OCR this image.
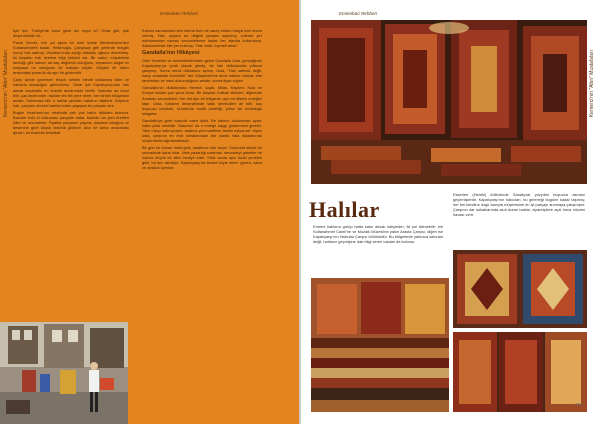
Eminebüri Rehberi
Kemerci'nin "Altın" Mustafaları

İşte için, Türkiye'de bunu göze alır mıyız ki? Onlar gibi, işte düşünülebilir mi...

Pazar Servet, kırk yılı aşkın bir süre içinde Mevlevihane'den Sultanahmet'e kadar, Hekimoğlu, Çarşıkapı gibi yerlerde tezgâh kurup halı satmış, Vezirhanı'nda açtığı dükkânı oğluna devretmiş. İki kuşaktır halı üzerine bilgi birikimi var. Bir satıcı; müşterisini tanıdığı gibi halının da kaç düğümlü olduğunu, boyasının doğal mı kimyasal mı olduğunu bir bakışta söyler. Müşteri ile halıcı arasındaki pazarlık da ayrı bir gösteridir.

Çarşı içinde gezerken birçok turistin elinde katlanmış kilim ve halılarla dolaştığını görürsünüz. Onlar için Kapalıçarşı'dan halı almak seyahatin en önemli anılarından biridir. Satıcılar da bunu bilir, çay ikram eder, halıları tek tek yere serer, her birinin hikâyesini anlatır. Satılmasa bile o halılar yeniden katlanır, istiflenir. Böylece halı, çarşının sürekli hareket eden yaşayan bir parçası olur.

Bugün Vezirhanı'nın etrafında pek çok halıcı dükkânı bulunur. Bazıları eski el dokuması parçalar satar, bazıları da yeni üretilen kilim ve seccadeler. Fiyatlar parçanın yaşına, dokuma sıklığına ve desenine göre büyük farklılık gösterir. Alıcı ile satıcı arasındaki güven, bu ticaretin temelidir.

Kanuni zamanında hem ulema hem de saray erkânı halıya özel önem vermiş. Halı, çeyizin en değerli parçası sayılmış; evlerde yer sofralarından namaz seccadelerine kadar her alanda kullanılmış. Atasözlerinde bile yer bulmuş: "Halı eskir, kıymeti artar."

Gandalla'nın Hikâyesi

Göle Yemenin ve memleketlerinden gelen Gandalla Usta, gençliğinde Kapalıçarşı'ya çırak olarak girmiş, bir halı dükkânında yıllarca çalışmış. Sonra kendi dükkânını açmış. Usta, "Halı satmak değil, halıyı anlatmak önemlidir" der. Müşterilerine önce halının nerede, kim tarafından ve nasıl dokunduğunu anlatır, sonra fiyatı söyler.

Gandalla'nın dükkânında Hereke, Uşak, Milas, Kayseri, Kula ve Konya halıları yan yana durur. Bir köşede Kafkas kilimleri, diğerinde Anadolu seccadeleri. Her biri ayrı bir bölgenin, ayrı bir ailenin emeğini taşır. Usta, halıların desenlerinde saklı sembolleri de bilir: koç boynuzu bereketi, el-belinde motifi anneliği, yıldız ise mutluluğu simgeler.

Gandalla'ya göre halıcılık sabır işidir. Bir halının dokunması aylar, hatta yıllar sürebilir. Satıcının da o emeğe saygı göstermesi gerekir. "Ben halıyı satmıyorum, sadece yeni sahibine teslim ediyorum" diyen usta, çarşının en eski simalarından biri olarak hâlâ dükkânında müşterilerini ağırlamaktadır.

Bir gün bir Alman turist gelir, saatlerce halı seçer. Sonunda küçük bir seccadede karar kılar. Usta pazarlığı uzatmaz, seccadeyi paketler ve üstüne küçük bir kilim hediye eder. Yıllar sonra aynı turist yeniden gelir, bu kez ailesiyle. Kapalıçarşı'da ticaret böyle sürer: güven, sabır ve dostluk üzerine.

Eminebüri Rehberi
Kemerci'nin "Altın" Mustafaları
Halılar

Ermeni halıların görüp hatta satın almak isteyenler; iki yol izlenebilir: biri Sultanahmet Camii'ne ve Mozaik Müzesi'ne yakın Arasta Çarşısı, diğeri ise Kapalıçarşı'nın Halıcılar Çarşısı bölümüdür. Bu bölgelerde yalnızca satıcılar değil, halıların geçmişine dair bilgi veren ustalar da bulunur.

Ekserleri (Hereki) kültüründe Sanatçılar yüzyıllar boyunca zamanı geçirmişlerdir. Kapalıçarşı'nın halıcıları, bu geleneği bugüne kadar taşımış; her biri kendine özgü tarzıyla müşterisine en iyi parçayı sunmaya çalışmıştır. Çarşının dar sokaklarında asılı duran halılar, ziyaretçilere açık hava müzesi havası verir.

121
